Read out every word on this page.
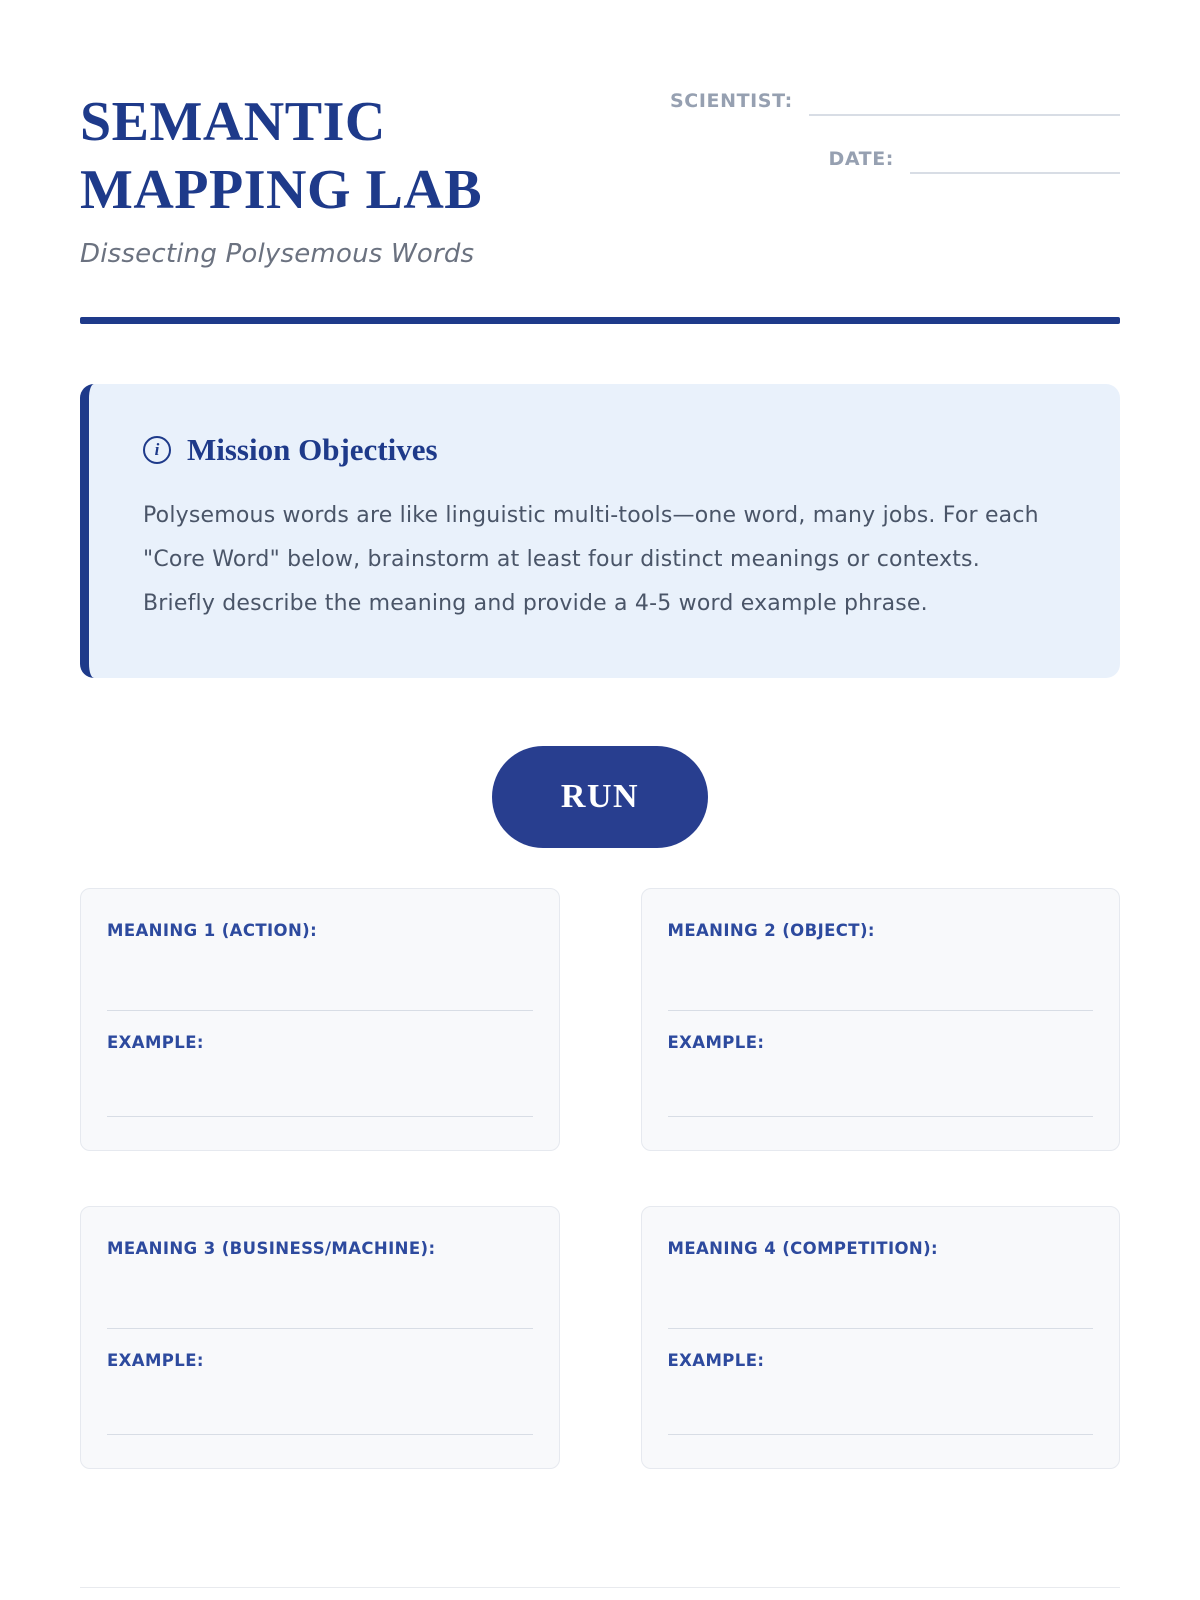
SEMANTIC MAPPING LAB

Dissecting Polysemous Words

SCIENTIST:
DATE:
i Mission Objectives

Polysemous words are like linguistic multi-tools—one word, many jobs. For each "Core Word" below, brainstorm at least four distinct meanings or contexts. Briefly describe the meaning and provide a 4-5 word example phrase.

RUN
MEANING 1 (ACTION):
EXAMPLE:
MEANING 2 (OBJECT):
EXAMPLE:
MEANING 3 (BUSINESS/MACHINE):
EXAMPLE:
MEANING 4 (COMPETITION):
EXAMPLE:
